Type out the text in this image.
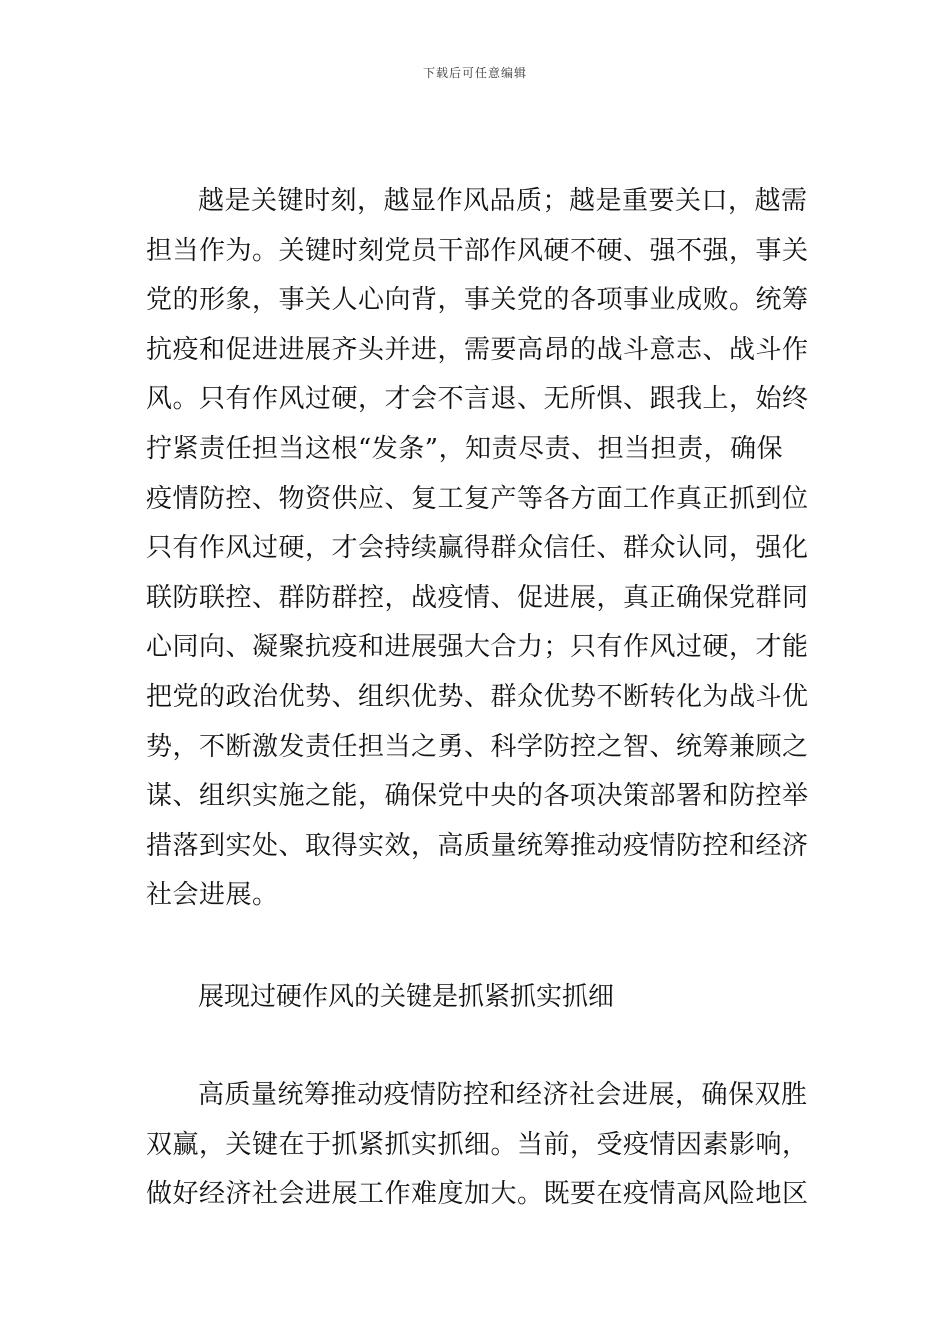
下载后可任意编辑
越是关键时刻，越显作风品质；越是重要关口，越需
担当作为。关键时刻党员干部作风硬不硬、强不强，事关
党的形象，事关人心向背，事关党的各项事业成败。统筹
抗疫和促进进展齐头并进，需要高昂的战斗意志、战斗作
风。只有作风过硬，才会不言退、无所惧、跟我上，始终
拧紧责任担当这根“发条”，知责尽责、担当担责，确保
疫情防控、物资供应、复工复产等各方面工作真正抓到位
只有作风过硬，才会持续赢得群众信任、群众认同，强化
联防联控、群防群控，战疫情、促进展，真正确保党群同
心同向、凝聚抗疫和进展强大合力；只有作风过硬，才能
把党的政治优势、组织优势、群众优势不断转化为战斗优
势，不断激发责任担当之勇、科学防控之智、统筹兼顾之
谋、组织实施之能，确保党中央的各项决策部署和防控举
措落到实处、取得实效，高质量统筹推动疫情防控和经济
社会进展。
展现过硬作风的关键是抓紧抓实抓细
高质量统筹推动疫情防控和经济社会进展，确保双胜
双赢，关键在于抓紧抓实抓细。当前，受疫情因素影响，
做好经济社会进展工作难度加大。既要在疫情高风险地区
